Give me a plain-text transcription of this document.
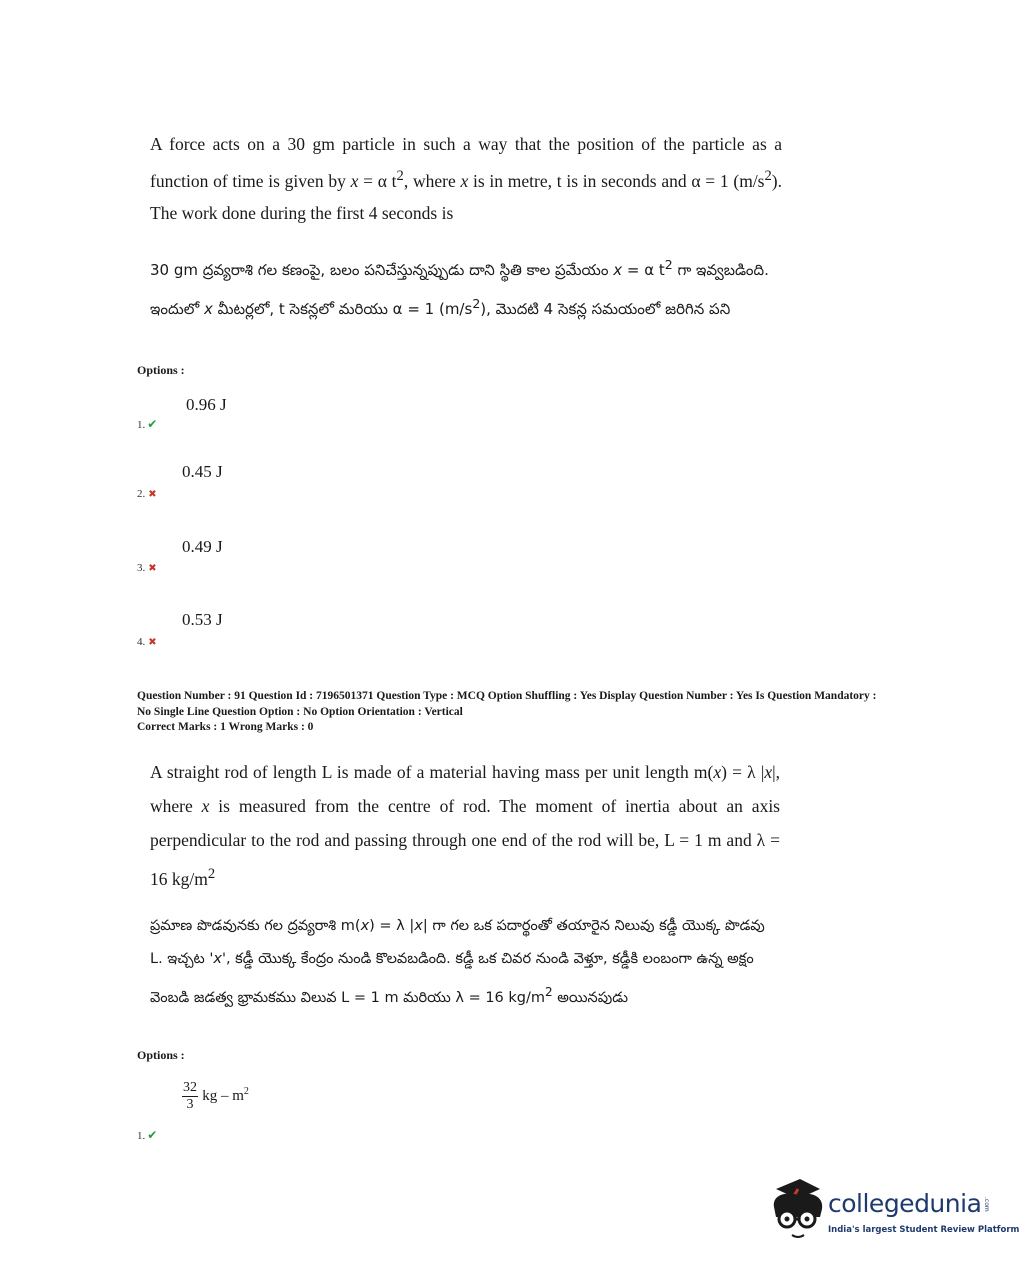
A force acts on a 30 gm particle in such a way that the position of the particle as a function of time is given by x = α $t^2$, where x is in metre, t is in seconds and α = 1 $(m/s^2)$. The work done during the first 4 seconds is
30 gm ద్రవ్యరాశి గల కణంపై, బలం పనిచేస్తున్నప్పుడు దాని స్థితి కాల ప్రమేయం x = α $t^2$ గా ఇవ్వబడింది. ఇందులో x మీటర్లలో, t సెకన్లలో మరియు α = 1 $(m/s^2)$, మొదటి 4 సెకన్ల సమయంలో జరిగిన పని
Options :
0.96 J
1. ✔
0.45 J
2. ✖
0.49 J
3. ✖
0.53 J
4. ✖
Question Number : 91 Question Id : 7196501371 Question Type : MCQ Option Shuffling : Yes Display Question Number : Yes Is Question Mandatory : No Single Line Question Option : No Option Orientation : Vertical
Correct Marks : 1 Wrong Marks : 0
A straight rod of length L is made of a material having mass per unit length m(x) = λ |x|, where x is measured from the centre of rod. The moment of inertia about an axis perpendicular to the rod and passing through one end of the rod will be, L = 1 m and λ = 16 $kg/m^2$
ప్రమాణ పొడవునకు గల ద్రవ్యరాశి m(x) = λ |x| గా గల ఒక పదార్థంతో తయారైన నిలువు కడ్డీ యొక్క పొడవు L. ఇచ్చట 'x', కడ్డీ యొక్క కేంద్రం నుండి కొలవబడింది. కడ్డీ ఒక చివర నుండి వెళ్తూ, కడ్డీకి లంబంగా ఉన్న అక్షం వెంబడి జడత్వ భ్రామకము విలువ L = 1 m మరియు λ = 16 $kg/m^2$ అయినపుడు
Options :
$\frac{32}{3}$ kg – $m^2$
1. ✔
collegedunia .com
India's largest Student Review Platform
